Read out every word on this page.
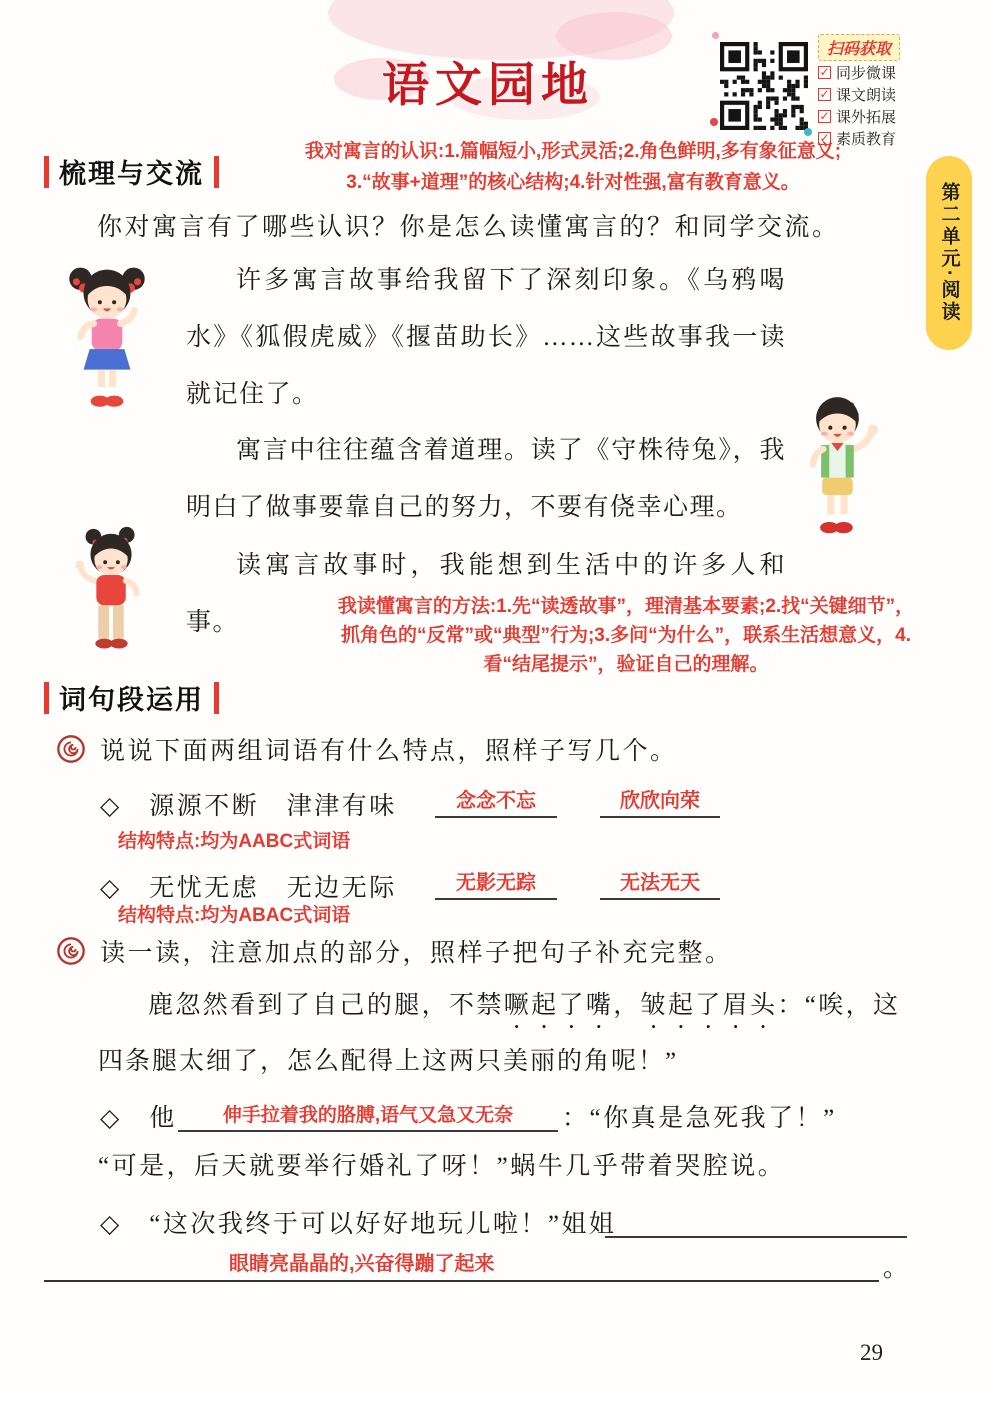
语文园地
扫码获取
✓ 同步微课
✓ 课文朗读
✓ 课外拓展
✓ 素质教育
第二单元·阅读
梳理与交流
我对寓言的认识:1.篇幅短小,形式灵活;2.角色鲜明,多有象征意义;
3.“故事+道理”的核心结构;4.针对性强,富有教育意义。
你对寓言有了哪些认识？你是怎么读懂寓言的？和同学交流。
许多寓言故事给我留下了深刻印象。《乌鸦喝水》《狐假虎威》《揠苗助长》……这些故事我一读就记住了。
寓言中往往蕴含着道理。读了《守株待兔》，我明白了做事要靠自己的努力，不要有侥幸心理。
读寓言故事时，我能想到生活中的许多人和事。
我读懂寓言的方法:1.先“读透故事”，理清基本要素;2.找“关键细节”，抓角色的“反常”或“典型”行为;3.多问“为什么”，联系生活想意义，4.看“结尾提示”，验证自己的理解。
词句段运用
说说下面两组词语有什么特点，照样子写几个。
◇　源源不断　津津有味	念念不忘	欣欣向荣
结构特点:均为AABC式词语
◇　无忧无虑　无边无际	无影无踪	无法无天
结构特点:均为ABAC式词语
读一读，注意加点的部分，照样子把句子补充完整。
鹿忽然看到了自己的腿，不禁噘起了嘴，皱起了眉头：“唉，这四条腿太细了，怎么配得上这两只美丽的角呢！”
◇　他 伸手拉着我的胳膊,语气又急又无奈 ：“你真是急死我了！”
“可是，后天就要举行婚礼了呀！”蜗牛几乎带着哭腔说。
◇　“这次我终于可以好好地玩儿啦！”姐姐
眼睛亮晶晶的,兴奋得蹦了起来	。
29
